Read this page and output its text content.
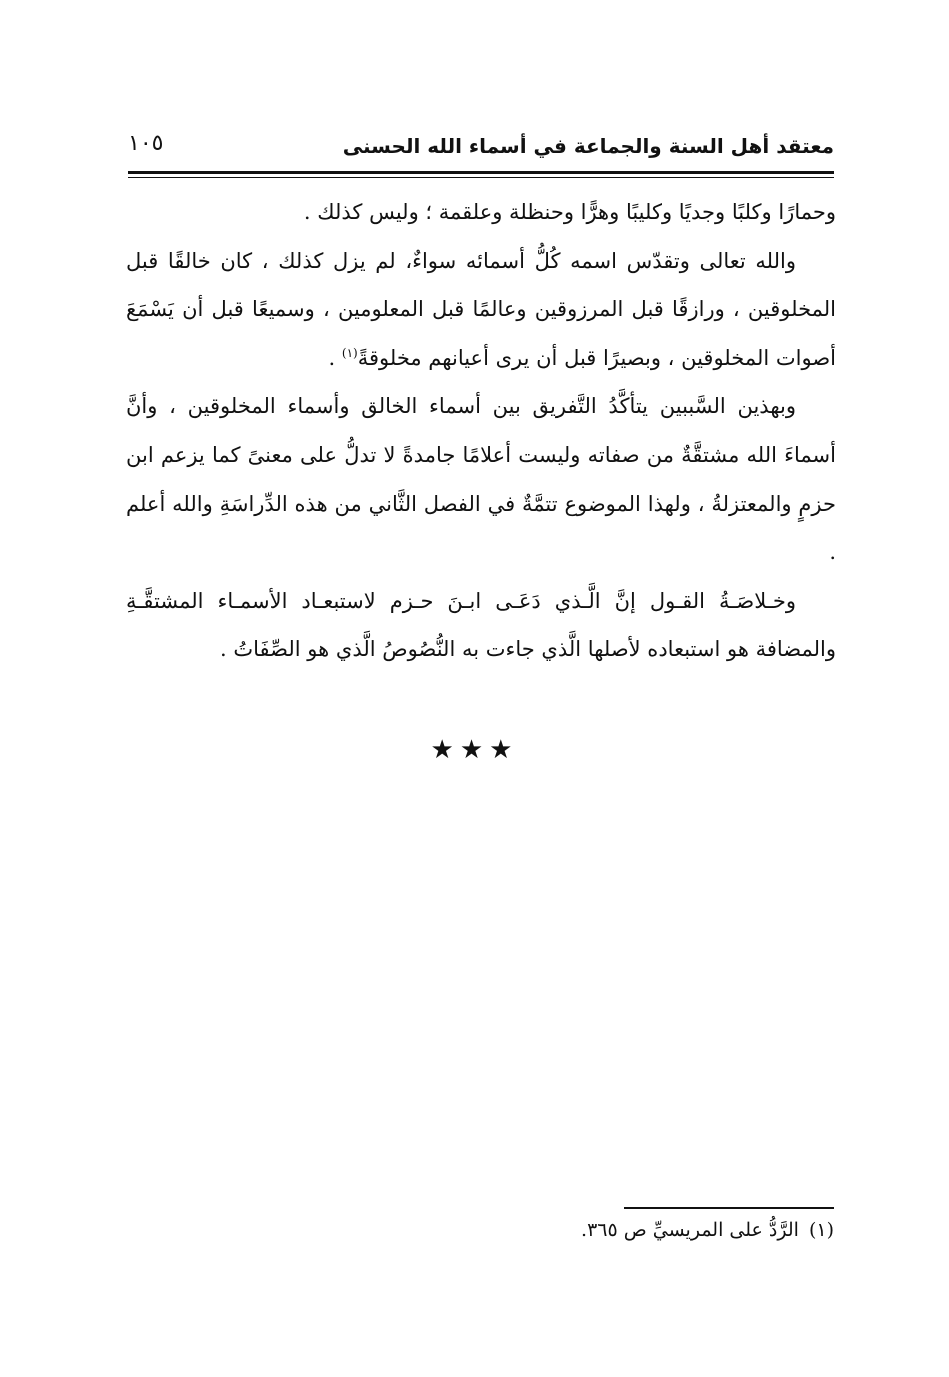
معتقد أهل السنة والجماعة في أسماء الله الحسنى
١٠٥

وحمارًا وكلبًا وجديًا وكليبًا وهرًّا وحنظلة وعلقمة ؛ وليس كذلك .

والله تعالى وتقدّس اسمه كُلُّ أسمائه سواءٌ، لم يزل كذلك ، كان خالقًا قبل المخلوقين ، ورازقًا قبل المرزوقين وعالمًا قبل المعلومين ، وسميعًا قبل أن يَسْمَعَ أصوات المخلوقين ، وبصيرًا قبل أن يرى أعيانهم مخلوقةً$^{(١)}$ .

وبهذين السَّببين يتأكَّدُ التَّفريق بين أسماء الخالق وأسماء المخلوقين ، وأنَّ أسماءَ الله مشتقَّةٌ من صفاته وليست أعلامًا جامدةً لا تدلُّ على معنىً كما يزعم ابن حزمٍ والمعتزلةُ ، ولهذا الموضوع تتمَّةٌ في الفصل الثَّاني من هذه الدِّراسَةِ والله أعلم .

وخـلاصَـةُ القـول إنَّ الَّـذي دَعَـى ابـنَ حـزم لاستبعـاد الأسمـاء المشتقَّـةِ والمضافة هو استبعاده لأصلها الَّذي جاءت به النُّصُوصُ الَّذي هو الصِّفَاتُ .

★★★
(١)الرَّدُّ على المريسيِّ ص ٣٦٥.
